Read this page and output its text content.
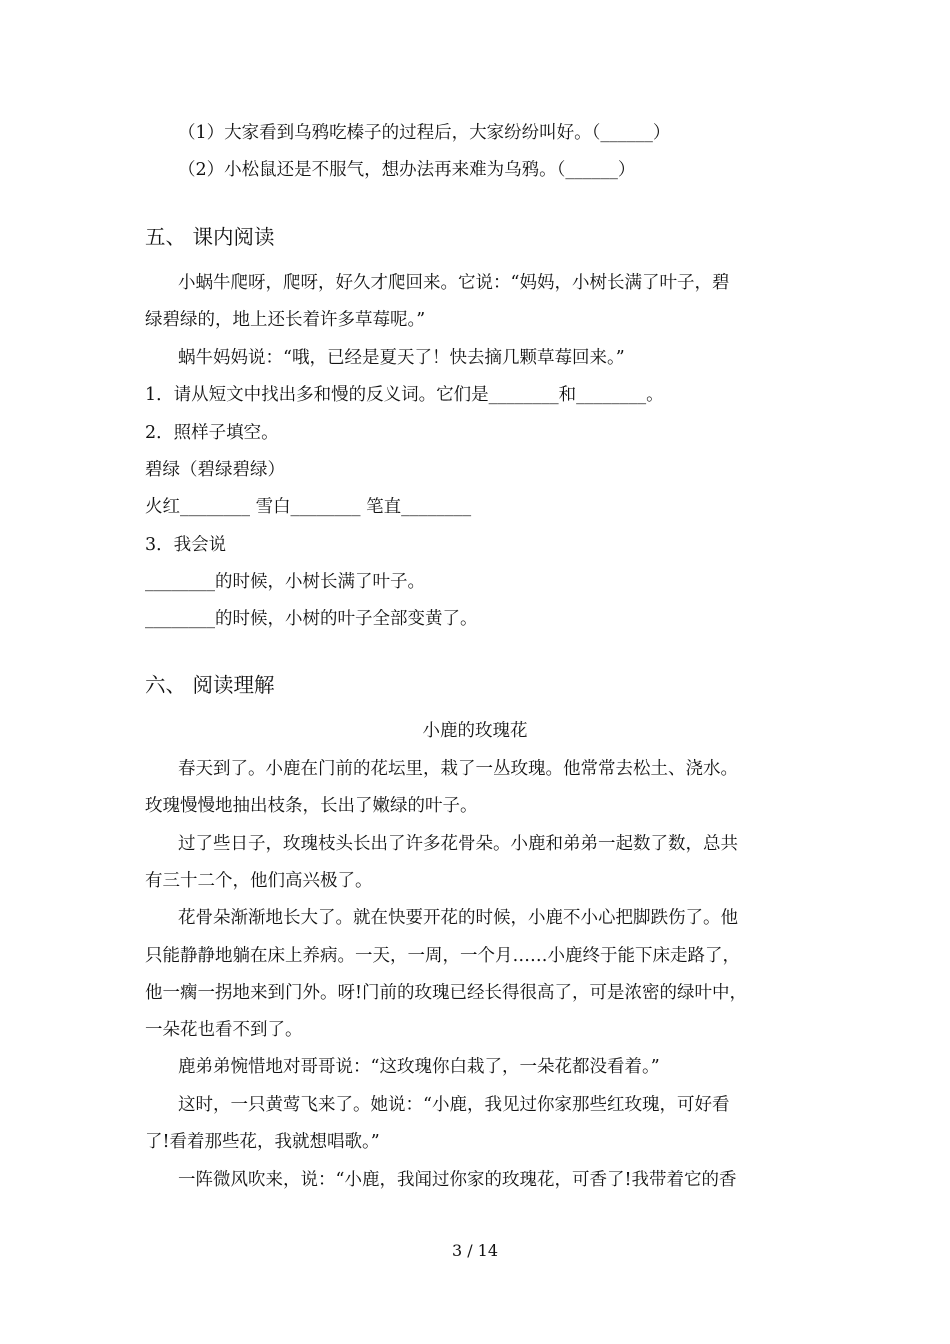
（1）大家看到乌鸦吃榛子的过程后，大家纷纷叫好。（______）
（2）小松鼠还是不服气，想办法再来难为乌鸦。（______）
五、 课内阅读
小蜗牛爬呀，爬呀，好久才爬回来。它说：“妈妈，小树长满了叶子，碧
绿碧绿的，地上还长着许多草莓呢。”
蜗牛妈妈说：“哦，已经是夏天了！快去摘几颗草莓回来。”
1．请从短文中找出多和慢的反义词。它们是________和________。
2．照样子填空。
碧绿（碧绿碧绿）
火红________ 雪白________ 笔直________
3．我会说
________的时候，小树长满了叶子。
________的时候，小树的叶子全部变黄了。
六、 阅读理解
小鹿的玫瑰花
春天到了。小鹿在门前的花坛里，栽了一丛玫瑰。他常常去松土、浇水。
玫瑰慢慢地抽出枝条，长出了嫩绿的叶子。
过了些日子，玫瑰枝头长出了许多花骨朵。小鹿和弟弟一起数了数，总共
有三十二个，他们高兴极了。
花骨朵渐渐地长大了。就在快要开花的时候，小鹿不小心把脚跌伤了。他
只能静静地躺在床上养病。一天，一周，一个月……小鹿终于能下床走路了，
他一瘸一拐地来到门外。呀!门前的玫瑰已经长得很高了，可是浓密的绿叶中，
一朵花也看不到了。
鹿弟弟惋惜地对哥哥说：“这玫瑰你白栽了，一朵花都没看着。”
这时，一只黄莺飞来了。她说：“小鹿，我见过你家那些红玫瑰，可好看
了!看着那些花，我就想唱歌。”
一阵微风吹来，说：“小鹿，我闻过你家的玫瑰花，可香了!我带着它的香
3 / 14
